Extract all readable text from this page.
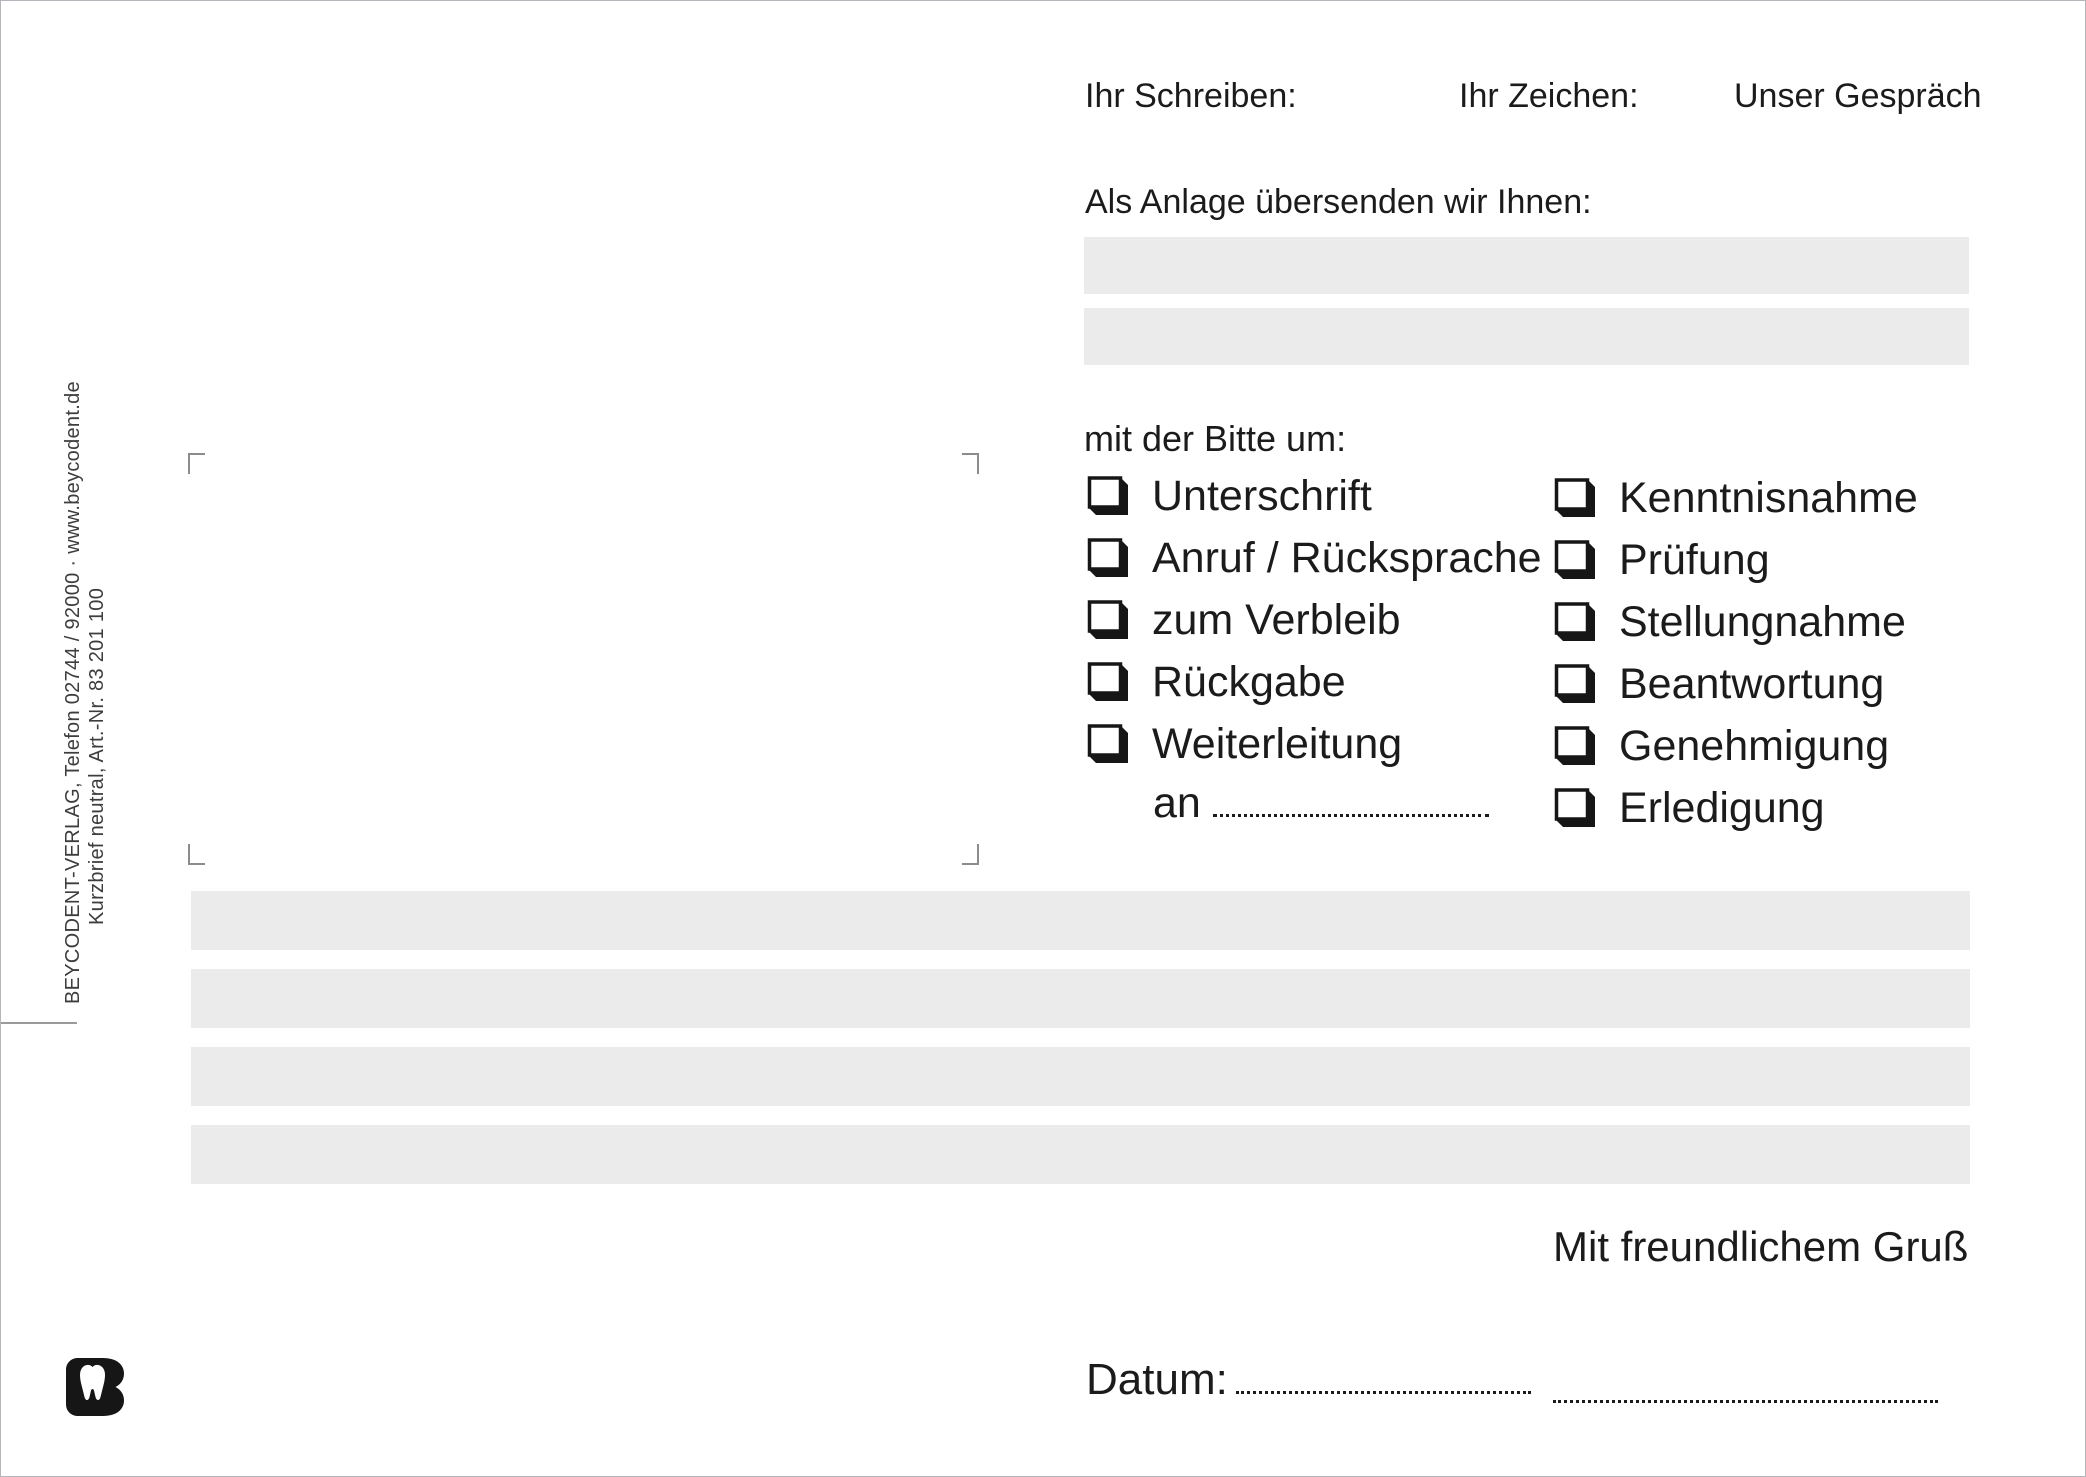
BEYCODENT-VERLAG, Telefon 02744 / 92000 · www.beycodent.de Kurzbrief neutral, Art.-Nr. 83 201 100
Ihr Schreiben:	Ihr Zeichen:	Unser Gespräch
Als Anlage übersenden wir Ihnen:
mit der Bitte um:
Unterschrift
Anruf / Rücksprache
zum Verbleib
Rückgabe
Weiterleitung
an
Kenntnisnahme
Prüfung
Stellungnahme
Beantwortung
Genehmigung
Erledigung
Mit freundlichem Gruß
Datum:
